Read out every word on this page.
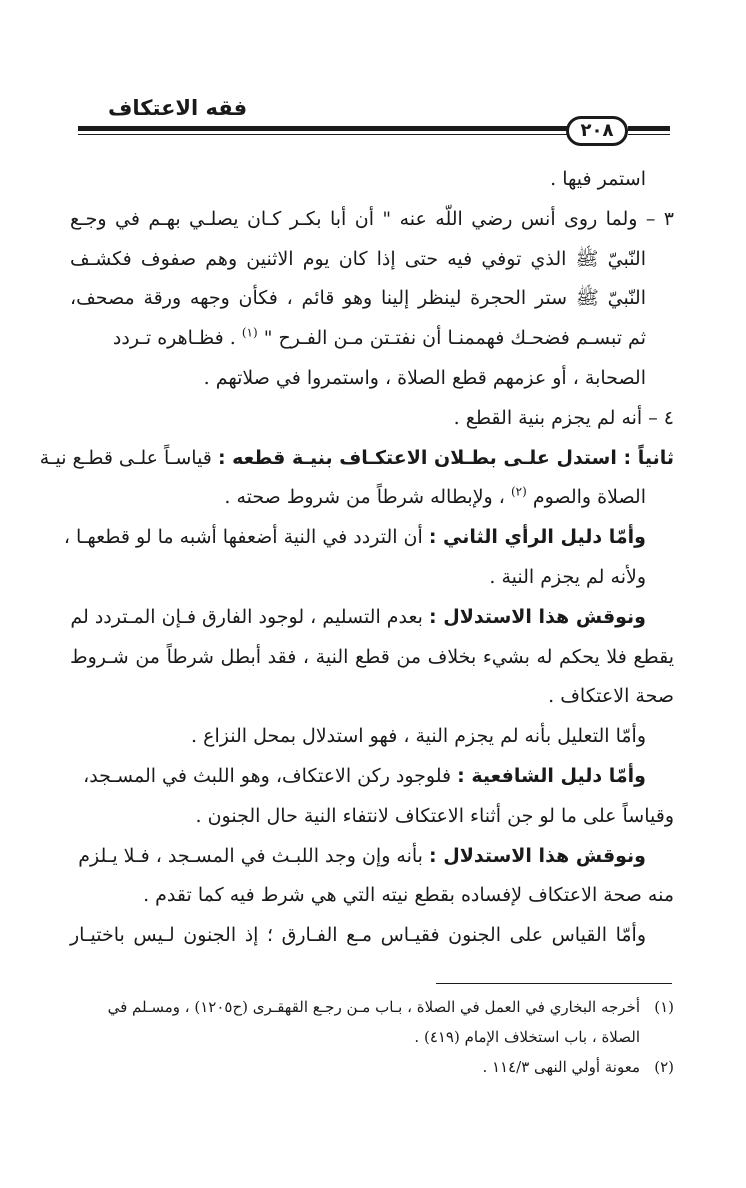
فقه الاعتكاف
٢٠٨
استمر فيها .
٣ – ولما روى أنس رضي اللّه عنه " أن أبا بكـر كـان يصلـي بهـم في وجـع
النّبيّ ﷺ الذي توفي فيه حتى إذا كان يوم الاثنين وهم صفوف فكشـف
النّبيّ ﷺ ستر الحجرة لينظر إلينا وهو قائم ، فكأن وجهه ورقة مصحف،
ثم تبسـم فضحـك فهممنـا أن نفتـتن مـن الفـرح " $^{(١)}$ . فظـاهره تـردد
الصحابة ، أو عزمهم قطع الصلاة ، واستمروا في صلاتهم .
٤ – أنه لم يجزم بنية القطع .
ثانياً : استدل علـى بطـلان الاعتكـاف بنيـة قطعه : قياسـاً علـى قطـع نيـة
الصلاة والصوم $^{(٢)}$ ، ولإبطاله شرطاً من شروط صحته .
وأمّا دليل الرأي الثاني : أن التردد في النية أضعفها أشبه ما لو قطعهـا ،
ولأنه لم يجزم النية .
ونوقش هذا الاستدلال : بعدم التسليم ، لوجود الفارق فـإن المـتردد لم
يقطع فلا يحكم له بشيء بخلاف من قطع النية ، فقد أبطل شرطاً من شـروط
صحة الاعتكاف .
وأمّا التعليل بأنه لم يجزم النية ، فهو استدلال بمحل النزاع .
وأمّا دليل الشافعية : فلوجود ركن الاعتكاف، وهو اللبث في المسـجد،
وقياساً على ما لو جن أثناء الاعتكاف لانتفاء النية حال الجنون .
ونوقش هذا الاستدلال : بأنه وإن وجد اللبـث في المسـجد ، فـلا يـلزم
منه صحة الاعتكاف لإفساده بقطع نيته التي هي شرط فيه كما تقدم .
وأمّا القياس على الجنون فقيـاس مـع الفـارق ؛ إذ الجنون لـيس باختيـار
(١)أخرجه البخاري في العمل في الصلاة ، بـاب مـن رجـع القهقـرى (ح١٢٠٥) ، ومسـلم في
الصلاة ، باب استخلاف الإمام (٤١٩) .
(٢)معونة أولي النهى ١١٤/٣ .
